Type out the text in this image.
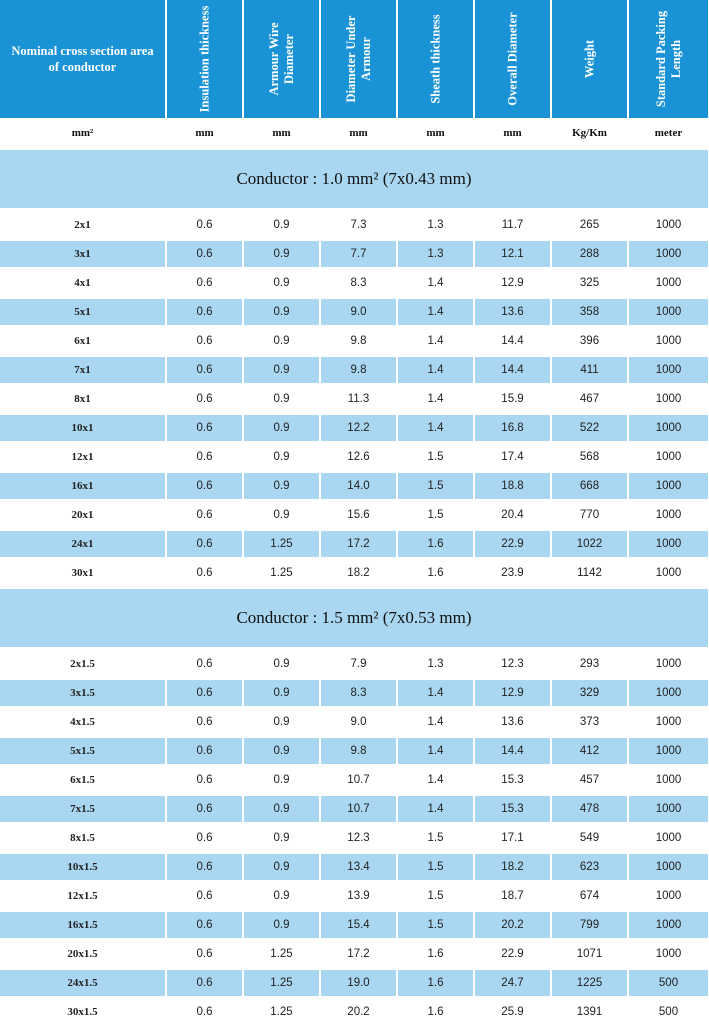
Nominal cross section area of conductor	Insulation thickness	Armour Wire Diameter	Diameter Under Armour	Sheath thickness	Overall Diameter	Weight	Standard Packing Length
mm²	mm	mm	mm	mm	mm	Kg/Km	meter
Conductor : 1.0 mm² (7x0.43 mm)
2x1	0.6	0.9	7.3	1.3	11.7	265	1000
3x1	0.6	0.9	7.7	1.3	12.1	288	1000
4x1	0.6	0.9	8.3	1.4	12.9	325	1000
5x1	0.6	0.9	9.0	1.4	13.6	358	1000
6x1	0.6	0.9	9.8	1.4	14.4	396	1000
7x1	0.6	0.9	9.8	1.4	14.4	411	1000
8x1	0.6	0.9	11.3	1.4	15.9	467	1000
10x1	0.6	0.9	12.2	1.4	16.8	522	1000
12x1	0.6	0.9	12.6	1.5	17.4	568	1000
16x1	0.6	0.9	14.0	1.5	18.8	668	1000
20x1	0.6	0.9	15.6	1.5	20.4	770	1000
24x1	0.6	1.25	17.2	1.6	22.9	1022	1000
30x1	0.6	1.25	18.2	1.6	23.9	1142	1000
Conductor : 1.5 mm² (7x0.53 mm)
2x1.5	0.6	0.9	7.9	1.3	12.3	293	1000
3x1.5	0.6	0.9	8.3	1.4	12.9	329	1000
4x1.5	0.6	0.9	9.0	1.4	13.6	373	1000
5x1.5	0.6	0.9	9.8	1.4	14.4	412	1000
6x1.5	0.6	0.9	10.7	1.4	15.3	457	1000
7x1.5	0.6	0.9	10.7	1.4	15.3	478	1000
8x1.5	0.6	0.9	12.3	1.5	17.1	549	1000
10x1.5	0.6	0.9	13.4	1.5	18.2	623	1000
12x1.5	0.6	0.9	13.9	1.5	18.7	674	1000
16x1.5	0.6	0.9	15.4	1.5	20.2	799	1000
20x1.5	0.6	1.25	17.2	1.6	22.9	1071	1000
24x1.5	0.6	1.25	19.0	1.6	24.7	1225	500
30x1.5	0.6	1.25	20.2	1.6	25.9	1391	500
